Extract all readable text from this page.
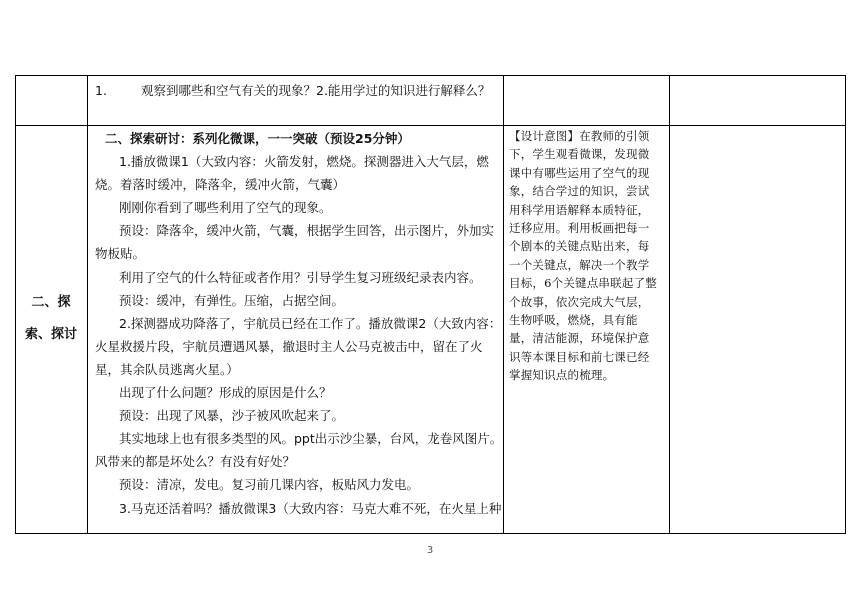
1.	观察到哪些和空气有关的现象？2.能用学过的知识进行解释么？
二、探
索、探讨

二、探索研讨：系列化微课，一一突破（预设25分钟）

1.播放微课1（大致内容：火箭发射，燃烧。探测器进入大气层，燃烧。着落时缓冲，降落伞，缓冲火箭，气囊）

刚刚你看到了哪些利用了空气的现象。

预设：降落伞，缓冲火箭，气囊，根据学生回答，出示图片，外加实物板贴。

利用了空气的什么特征或者作用？引导学生复习班级纪录表内容。

预设：缓冲，有弹性。压缩，占据空间。

2.探测器成功降落了，宇航员已经在工作了。播放微课2（大致内容：火星救援片段，宇航员遭遇风暴，撤退时主人公马克被击中，留在了火星，其余队员逃离火星。）

出现了什么问题？形成的原因是什么？

预设：出现了风暴，沙子被风吹起来了。

其实地球上也有很多类型的风。ppt出示沙尘暴，台风，龙卷风图片。风带来的都是坏处么？有没有好处？

预设：清凉，发电。复习前几课内容，板贴风力发电。

3.马克还活着吗？播放微课3（大致内容：马克大难不死，在火星上种

【设计意图】在教师的引领下，学生观看微课，发现微课中有哪些运用了空气的现象，结合学过的知识，尝试用科学用语解释本质特征，迁移应用。利用板画把每一个剧本的关键点贴出来，每一个关键点，解决一个教学目标，6个关键点串联起了整个故事，依次完成大气层，生物呼吸，燃烧，具有能量，清洁能源，环境保护意识等本课目标和前七课已经掌握知识点的梳理。
3
